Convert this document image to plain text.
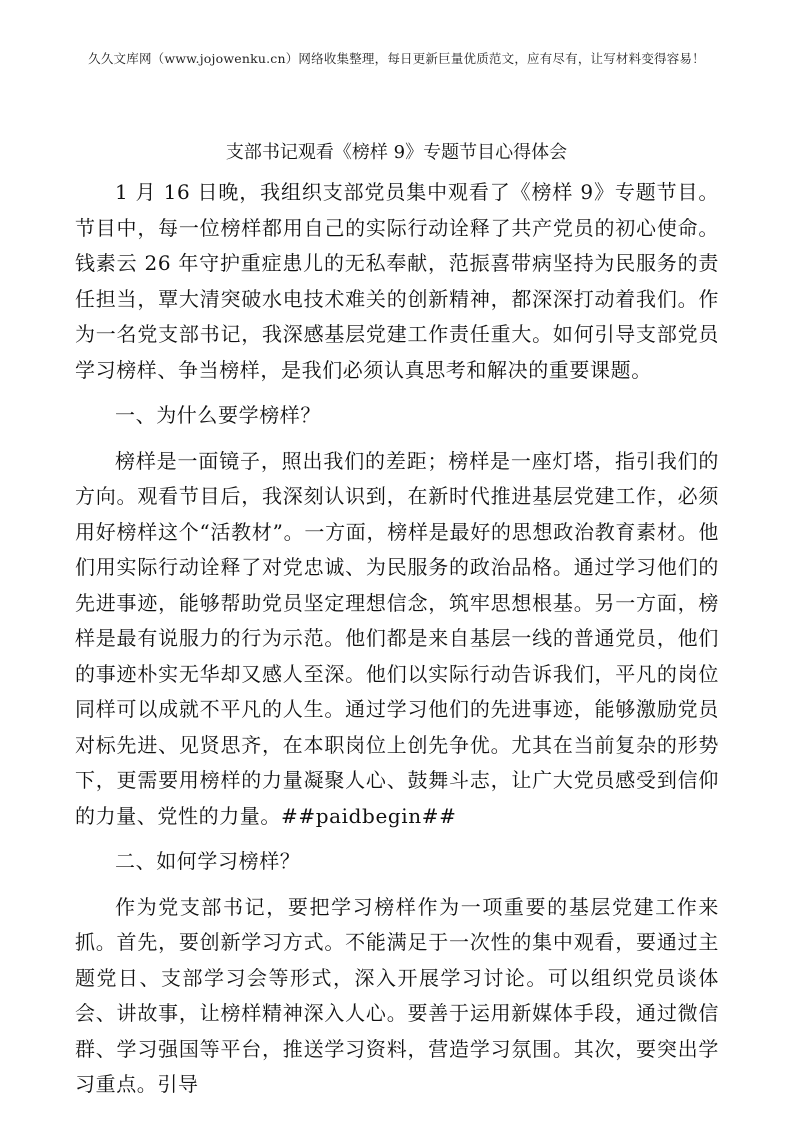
久久文库网（www.jojowenku.cn）网络收集整理，每日更新巨量优质范文，应有尽有，让写材料变得容易！
支部书记观看《榜样 9》专题节目心得体会

1 月 16 日晚，我组织支部党员集中观看了《榜样 9》专题节目。节目中，每一位榜样都用自己的实际行动诠释了共产党员的初心使命。钱素云 26 年守护重症患儿的无私奉献，范振喜带病坚持为民服务的责任担当，覃大清突破水电技术难关的创新精神，都深深打动着我们。作为一名党支部书记，我深感基层党建工作责任重大。如何引导支部党员学习榜样、争当榜样，是我们必须认真思考和解决的重要课题。

一、为什么要学榜样？

榜样是一面镜子，照出我们的差距；榜样是一座灯塔，指引我们的方向。观看节目后，我深刻认识到，在新时代推进基层党建工作，必须用好榜样这个“活教材”。一方面，榜样是最好的思想政治教育素材。他们用实际行动诠释了对党忠诚、为民服务的政治品格。通过学习他们的先进事迹，能够帮助党员坚定理想信念，筑牢思想根基。另一方面，榜样是最有说服力的行为示范。他们都是来自基层一线的普通党员，他们的事迹朴实无华却又感人至深。他们以实际行动告诉我们，平凡的岗位同样可以成就不平凡的人生。通过学习他们的先进事迹，能够激励党员对标先进、见贤思齐，在本职岗位上创先争优。尤其在当前复杂的形势下，更需要用榜样的力量凝聚人心、鼓舞斗志，让广大党员感受到信仰的力量、党性的力量。##paidbegin##

二、如何学习榜样？

作为党支部书记，要把学习榜样作为一项重要的基层党建工作来抓。首先，要创新学习方式。不能满足于一次性的集中观看，要通过主题党日、支部学习会等形式，深入开展学习讨论。可以组织党员谈体会、讲故事，让榜样精神深入人心。要善于运用新媒体手段，通过微信群、学习强国等平台，推送学习资料，营造学习氛围。其次，要突出学习重点。引导
